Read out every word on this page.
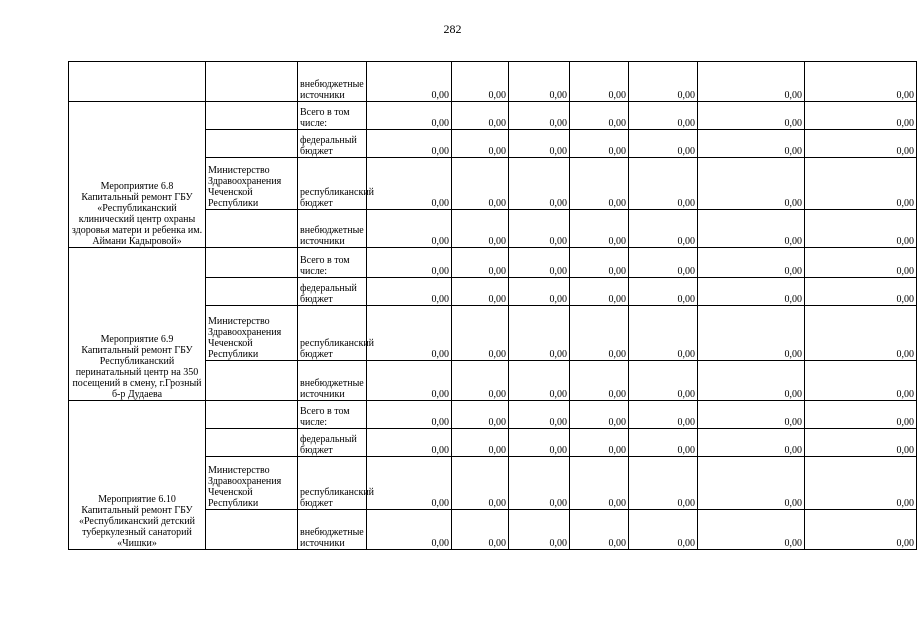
282
		внебюджетные источники	0,00	0,00	0,00	0,00	0,00	0,00	0,00
Мероприятие 6.8 Капитальный ремонт ГБУ «Республиканский клинический центр охраны здоровья матери и ребенка им. Аймани Кадыровой»		Всего в том числе:	0,00	0,00	0,00	0,00	0,00	0,00	0,00
		федеральный бюджет	0,00	0,00	0,00	0,00	0,00	0,00	0,00
	Министерство Здравоохранения Чеченской Республики	республиканский бюджет	0,00	0,00	0,00	0,00	0,00	0,00	0,00
		внебюджетные источники	0,00	0,00	0,00	0,00	0,00	0,00	0,00
Мероприятие 6.9 Капитальный ремонт ГБУ Республиканский перинатальный центр на 350 посещений в смену, г.Грозный б-р Дудаева		Всего в том числе:	0,00	0,00	0,00	0,00	0,00	0,00	0,00
		федеральный бюджет	0,00	0,00	0,00	0,00	0,00	0,00	0,00
	Министерство Здравоохранения Чеченской Республики	республиканский бюджет	0,00	0,00	0,00	0,00	0,00	0,00	0,00
		внебюджетные источники	0,00	0,00	0,00	0,00	0,00	0,00	0,00
Мероприятие 6.10 Капитальный ремонт ГБУ «Республиканский детский туберкулезный санаторий «Чишки»		Всего в том числе:	0,00	0,00	0,00	0,00	0,00	0,00	0,00
		федеральный бюджет	0,00	0,00	0,00	0,00	0,00	0,00	0,00
	Министерство Здравоохранения Чеченской Республики	республиканский бюджет	0,00	0,00	0,00	0,00	0,00	0,00	0,00
		внебюджетные источники	0,00	0,00	0,00	0,00	0,00	0,00	0,00
